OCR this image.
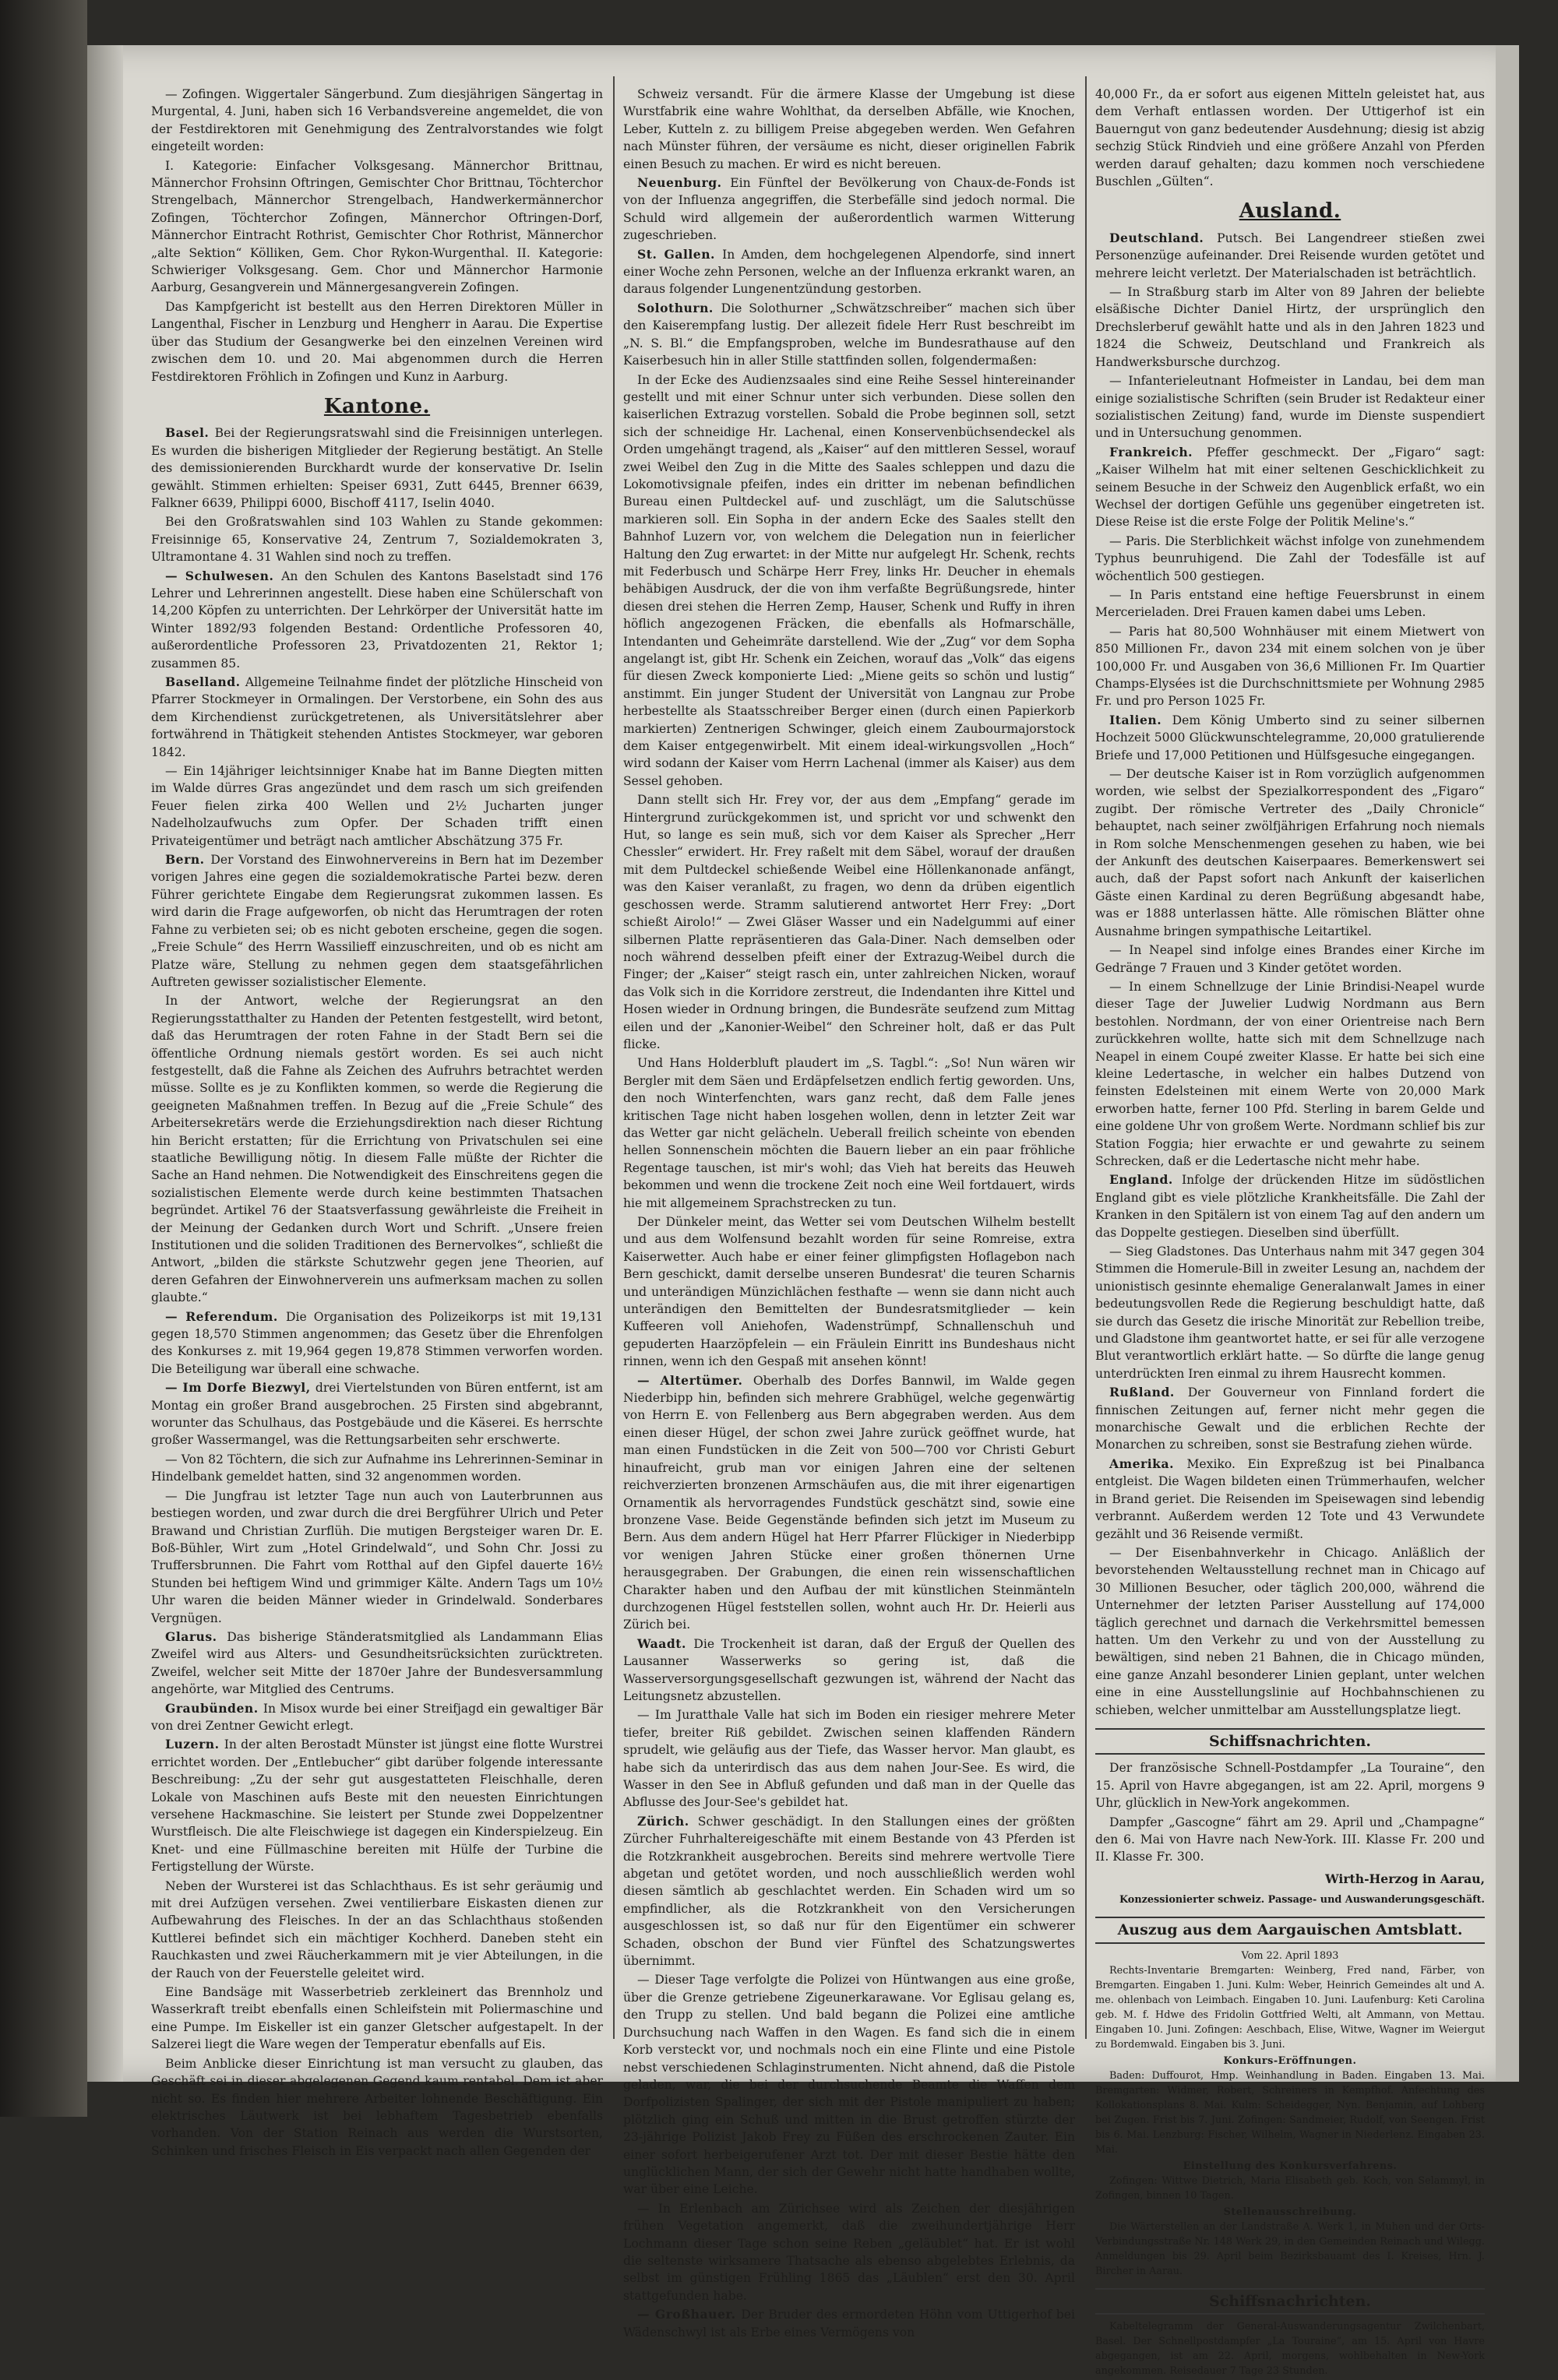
— Zofingen. Wiggertaler Sängerbund. Zum diesjährigen Sängertag in Murgental, 4. Juni, haben sich 16 Verbandsvereine angemeldet, die von der Festdirektoren mit Genehmigung des Zentralvorstandes wie folgt eingeteilt worden:

I. Kategorie: Einfacher Volksgesang. Männerchor Brittnau, Männerchor Frohsinn Oftringen, Gemischter Chor Brittnau, Töchterchor Strengelbach, Männerchor Strengelbach, Handwerkermännerchor Zofingen, Töchterchor Zofingen, Männerchor Oftringen-Dorf, Männerchor Eintracht Rothrist, Gemischter Chor Rothrist, Männerchor „alte Sektion“ Kölliken, Gem. Chor Rykon-Wurgenthal. II. Kategorie: Schwieriger Volksgesang. Gem. Chor und Männerchor Harmonie Aarburg, Gesangverein und Männergesangverein Zofingen.

Das Kampfgericht ist bestellt aus den Herren Direktoren Müller in Langenthal, Fischer in Lenzburg und Hengherr in Aarau. Die Expertise über das Studium der Gesangwerke bei den einzelnen Vereinen wird zwischen dem 10. und 20. Mai abgenommen durch die Herren Festdirektoren Fröhlich in Zofingen und Kunz in Aarburg.

Kantone.

Basel. Bei der Regierungsratswahl sind die Freisinnigen unterlegen. Es wurden die bisherigen Mitglieder der Regierung bestätigt. An Stelle des demissionierenden Burckhardt wurde der konservative Dr. Iselin gewählt. Stimmen erhielten: Speiser 6931, Zutt 6445, Brenner 6639, Falkner 6639, Philippi 6000, Bischoff 4117, Iselin 4040.

Bei den Großratswahlen sind 103 Wahlen zu Stande gekommen: Freisinnige 65, Konservative 24, Zentrum 7, Sozialdemokraten 3, Ultramontane 4. 31 Wahlen sind noch zu treffen.

— Schulwesen. An den Schulen des Kantons Baselstadt sind 176 Lehrer und Lehrerinnen angestellt. Diese haben eine Schülerschaft von 14,200 Köpfen zu unterrichten. Der Lehrkörper der Universität hatte im Winter 1892/93 folgenden Bestand: Ordentliche Professoren 40, außerordentliche Professoren 23, Privatdozenten 21, Rektor 1; zusammen 85.

Baselland. Allgemeine Teilnahme findet der plötzliche Hinscheid von Pfarrer Stockmeyer in Ormalingen. Der Verstorbene, ein Sohn des aus dem Kirchendienst zurückgetretenen, als Universitätslehrer aber fortwährend in Thätigkeit stehenden Antistes Stockmeyer, war geboren 1842.

— Ein 14jähriger leichtsinniger Knabe hat im Banne Diegten mitten im Walde dürres Gras angezündet und dem rasch um sich greifenden Feuer fielen zirka 400 Wellen und 2½ Jucharten junger Nadelholzaufwuchs zum Opfer. Der Schaden trifft einen Privateigentümer und beträgt nach amtlicher Abschätzung 375 Fr.

Bern. Der Vorstand des Einwohnervereins in Bern hat im Dezember vorigen Jahres eine gegen die sozialdemokratische Partei bezw. deren Führer gerichtete Eingabe dem Regierungsrat zukommen lassen. Es wird darin die Frage aufgeworfen, ob nicht das Herumtragen der roten Fahne zu verbieten sei; ob es nicht geboten erscheine, gegen die sogen. „Freie Schule“ des Herrn Wassilieff einzuschreiten, und ob es nicht am Platze wäre, Stellung zu nehmen gegen dem staatsgefährlichen Auftreten gewisser sozialistischer Elemente.

In der Antwort, welche der Regierungsrat an den Regierungsstatthalter zu Handen der Petenten festgestellt, wird betont, daß das Herumtragen der roten Fahne in der Stadt Bern sei die öffentliche Ordnung niemals gestört worden. Es sei auch nicht festgestellt, daß die Fahne als Zeichen des Aufruhrs betrachtet werden müsse. Sollte es je zu Konflikten kommen, so werde die Regierung die geeigneten Maßnahmen treffen. In Bezug auf die „Freie Schule“ des Arbeitersekretärs werde die Erziehungsdirektion nach dieser Richtung hin Bericht erstatten; für die Errichtung von Privatschulen sei eine staatliche Bewilligung nötig. In diesem Falle müßte der Richter die Sache an Hand nehmen. Die Notwendigkeit des Einschreitens gegen die sozialistischen Elemente werde durch keine bestimmten Thatsachen begründet. Artikel 76 der Staatsverfassung gewährleiste die Freiheit in der Meinung der Gedanken durch Wort und Schrift. „Unsere freien Institutionen und die soliden Traditionen des Bernervolkes“, schließt die Antwort, „bilden die stärkste Schutzwehr gegen jene Theorien, auf deren Gefahren der Einwohnerverein uns aufmerksam machen zu sollen glaubte.“

— Referendum. Die Organisation des Polizeikorps ist mit 19,131 gegen 18,570 Stimmen angenommen; das Gesetz über die Ehrenfolgen des Konkurses z. mit 19,964 gegen 19,878 Stimmen verworfen worden. Die Beteiligung war überall eine schwache.

— Im Dorfe Biezwyl, drei Viertelstunden von Büren entfernt, ist am Montag ein großer Brand ausgebrochen. 25 Firsten sind abgebrannt, worunter das Schulhaus, das Postgebäude und die Käserei. Es herrschte großer Wassermangel, was die Rettungsarbeiten sehr erschwerte.

— Von 82 Töchtern, die sich zur Aufnahme ins Lehrerinnen-Seminar in Hindelbank gemeldet hatten, sind 32 angenommen worden.

— Die Jungfrau ist letzter Tage nun auch von Lauterbrunnen aus bestiegen worden, und zwar durch die drei Bergführer Ulrich und Peter Brawand und Christian Zurflüh. Die mutigen Bergsteiger waren Dr. E. Boß-Bühler, Wirt zum „Hotel Grindelwald“, und Sohn Chr. Jossi zu Truffersbrunnen. Die Fahrt vom Rotthal auf den Gipfel dauerte 16½ Stunden bei heftigem Wind und grimmiger Kälte. Andern Tags um 10½ Uhr waren die beiden Männer wieder in Grindelwald. Sonderbares Vergnügen.

Glarus. Das bisherige Ständeratsmitglied als Landammann Elias Zweifel wird aus Alters- und Gesundheitsrücksichten zurücktreten. Zweifel, welcher seit Mitte der 1870er Jahre der Bundesversammlung angehörte, war Mitglied des Centrums.

Graubünden. In Misox wurde bei einer Streifjagd ein gewaltiger Bär von drei Zentner Gewicht erlegt.

Luzern. In der alten Berostadt Münster ist jüngst eine flotte Wurstrei errichtet worden. Der „Entlebucher“ gibt darüber folgende interessante Beschreibung: „Zu der sehr gut ausgestatteten Fleischhalle, deren Lokale von Maschinen aufs Beste mit den neuesten Einrichtungen versehene Hackmaschine. Sie leistert per Stunde zwei Doppelzentner Wurstfleisch. Die alte Fleischwiege ist dagegen ein Kinderspielzeug. Ein Knet- und eine Füllmaschine bereiten mit Hülfe der Turbine die Fertigstellung der Würste.

Neben der Wursterei ist das Schlachthaus. Es ist sehr geräumig und mit drei Aufzügen versehen. Zwei ventilierbare Eiskasten dienen zur Aufbewahrung des Fleisches. In der an das Schlachthaus stoßenden Kuttlerei befindet sich ein mächtiger Kochherd. Daneben steht ein Rauchkasten und zwei Räucherkammern mit je vier Abteilungen, in die der Rauch von der Feuerstelle geleitet wird.

Eine Bandsäge mit Wasserbetrieb zerkleinert das Brennholz und Wasserkraft treibt ebenfalls einen Schleifstein mit Poliermaschine und eine Pumpe. Im Eiskeller ist ein ganzer Gletscher aufgestapelt. In der Salzerei liegt die Ware wegen der Temperatur ebenfalls auf Eis.

Beim Anblicke dieser Einrichtung ist man versucht zu glauben, das Geschäft sei in dieser abgelegenen Gegend kaum rentabel. Dem ist aber nicht so. Es finden hier mehrere Arbeiter lohnende Beschäftigung. Ein elektrisches Läutwerk ist bei lebhaftem Tagesbetrieb ebenfalls vorhanden. Von der Station Reinach aus werden die Wurstsorten, Schinken und frisches Fleisch in Eis verpackt nach allen Gegenden der

Schweiz versandt. Für die ärmere Klasse der Umgebung ist diese Wurstfabrik eine wahre Wohlthat, da derselben Abfälle, wie Knochen, Leber, Kutteln z. zu billigem Preise abgegeben werden. Wen Gefahren nach Münster führen, der versäume es nicht, dieser originellen Fabrik einen Besuch zu machen. Er wird es nicht bereuen.

Neuenburg. Ein Fünftel der Bevölkerung von Chaux-de-Fonds ist von der Influenza angegriffen, die Sterbefälle sind jedoch normal. Die Schuld wird allgemein der außerordentlich warmen Witterung zugeschrieben.

St. Gallen. In Amden, dem hochgelegenen Alpendorfe, sind innert einer Woche zehn Personen, welche an der Influenza erkrankt waren, an daraus folgender Lungenentzündung gestorben.

Solothurn. Die Solothurner „Schwätzschreiber“ machen sich über den Kaiserempfang lustig. Der allezeit fidele Herr Rust beschreibt im „N. S. Bl.“ die Empfangsproben, welche im Bundesrathause auf den Kaiserbesuch hin in aller Stille stattfinden sollen, folgendermaßen:

In der Ecke des Audienzsaales sind eine Reihe Sessel hintereinander gestellt und mit einer Schnur unter sich verbunden. Diese sollen den kaiserlichen Extrazug vorstellen. Sobald die Probe beginnen soll, setzt sich der schneidige Hr. Lachenal, einen Konservenbüchsendeckel als Orden umgehängt tragend, als „Kaiser“ auf den mittleren Sessel, worauf zwei Weibel den Zug in die Mitte des Saales schleppen und dazu die Lokomotivsignale pfeifen, indes ein dritter im nebenan befindlichen Bureau einen Pultdeckel auf- und zuschlägt, um die Salutschüsse markieren soll. Ein Sopha in der andern Ecke des Saales stellt den Bahnhof Luzern vor, von welchem die Delegation nun in feierlicher Haltung den Zug erwartet: in der Mitte nur aufgelegt Hr. Schenk, rechts mit Federbusch und Schärpe Herr Frey, links Hr. Deucher in ehemals behäbigen Ausdruck, der die von ihm verfaßte Begrüßungsrede, hinter diesen drei stehen die Herren Zemp, Hauser, Schenk und Ruffy in ihren höflich angezogenen Fräcken, die ebenfalls als Hofmarschälle, Intendanten und Geheimräte darstellend. Wie der „Zug“ vor dem Sopha angelangt ist, gibt Hr. Schenk ein Zeichen, worauf das „Volk“ das eigens für diesen Zweck komponierte Lied: „Miene geits so schön und lustig“ anstimmt. Ein junger Student der Universität von Langnau zur Probe herbestellte als Staatsschreiber Berger einen (durch einen Papierkorb markierten) Zentnerigen Schwinger, gleich einem Zaubourmajorstock dem Kaiser entgegenwirbelt. Mit einem ideal-wirkungsvollen „Hoch“ wird sodann der Kaiser vom Herrn Lachenal (immer als Kaiser) aus dem Sessel gehoben.

Dann stellt sich Hr. Frey vor, der aus dem „Empfang“ gerade im Hintergrund zurückgekommen ist, und spricht vor und schwenkt den Hut, so lange es sein muß, sich vor dem Kaiser als Sprecher „Herr Chessler“ erwidert. Hr. Frey raßelt mit dem Säbel, worauf der draußen mit dem Pultdeckel schießende Weibel eine Höllenkanonade anfängt, was den Kaiser veranlaßt, zu fragen, wo denn da drüben eigentlich geschossen werde. Stramm salutierend antwortet Herr Frey: „Dort schießt Airolo!“ — Zwei Gläser Wasser und ein Nadelgummi auf einer silbernen Platte repräsentieren das Gala-Diner. Nach demselben oder noch während desselben pfeift einer der Extrazug-Weibel durch die Finger; der „Kaiser“ steigt rasch ein, unter zahlreichen Nicken, worauf das Volk sich in die Korridore zerstreut, die Indendanten ihre Kittel und Hosen wieder in Ordnung bringen, die Bundesräte seufzend zum Mittag eilen und der „Kanonier-Weibel“ den Schreiner holt, daß er das Pult flicke.

Und Hans Holderbluft plaudert im „S. Tagbl.“: „So! Nun wären wir Bergler mit dem Säen und Erdäpfelsetzen endlich fertig geworden. Uns, den noch Winterfenchten, wars ganz recht, daß dem Falle jenes kritischen Tage nicht haben losgehen wollen, denn in letzter Zeit war das Wetter gar nicht gelächeln. Ueberall freilich scheinte von ebenden hellen Sonnenschein möchten die Bauern lieber an ein paar fröhliche Regentage tauschen, ist mir's wohl; das Vieh hat bereits das Heuweh bekommen und wenn die trockene Zeit noch eine Weil fortdauert, wirds hie mit allgemeinem Sprachstrecken zu tun.

Der Dünkeler meint, das Wetter sei vom Deutschen Wilhelm bestellt und aus dem Wolfensund bezahlt worden für seine Romreise, extra Kaiserwetter. Auch habe er einer feiner glimpfigsten Hoflagebon nach Bern geschickt, damit derselbe unseren Bundesrat' die teuren Scharnis und unterändigen Münzichlächen festhafte — wenn sie dann nicht auch unterändigen den Bemittelten der Bundesratsmitglieder — kein Kuffeeren voll Aniehofen, Wadenstrümpf, Schnallenschuh und gepuderten Haarzöpfelein — ein Fräulein Einritt ins Bundeshaus nicht rinnen, wenn ich den Gespaß mit ansehen könnt!

— Altertümer. Oberhalb des Dorfes Bannwil, im Walde gegen Niederbipp hin, befinden sich mehrere Grabhügel, welche gegenwärtig von Herrn E. von Fellenberg aus Bern abgegraben werden. Aus dem einen dieser Hügel, der schon zwei Jahre zurück geöffnet wurde, hat man einen Fundstücken in die Zeit von 500—700 vor Christi Geburt hinaufreicht, grub man vor einigen Jahren eine der seltenen reichverzierten bronzenen Armschäufen aus, die mit ihrer eigenartigen Ornamentik als hervorragendes Fundstück geschätzt sind, sowie eine bronzene Vase. Beide Gegenstände befinden sich jetzt im Museum zu Bern. Aus dem andern Hügel hat Herr Pfarrer Flückiger in Niederbipp vor wenigen Jahren Stücke einer großen thönernen Urne herausgegraben. Der Grabungen, die einen rein wissenschaftlichen Charakter haben und den Aufbau der mit künstlichen Steinmänteln durchzogenen Hügel feststellen sollen, wohnt auch Hr. Dr. Heierli aus Zürich bei.

Waadt. Die Trockenheit ist daran, daß der Erguß der Quellen des Lausanner Wasserwerks so gering ist, daß die Wasserversorgungsgesellschaft gezwungen ist, während der Nacht das Leitungsnetz abzustellen.

— Im Juratthale Valle hat sich im Boden ein riesiger mehrere Meter tiefer, breiter Riß gebildet. Zwischen seinen klaffenden Rändern sprudelt, wie geläufig aus der Tiefe, das Wasser hervor. Man glaubt, es habe sich da unterirdisch das aus dem nahen Jour-See. Es wird, die Wasser in den See in Abfluß gefunden und daß man in der Quelle das Abflusse des Jour-See's gebildet hat.

Zürich. Schwer geschädigt. In den Stallungen eines der größten Zürcher Fuhrhaltereigeschäfte mit einem Bestande von 43 Pferden ist die Rotzkrankheit ausgebrochen. Bereits sind mehrere wertvolle Tiere abgetan und getötet worden, und noch ausschließlich werden wohl diesen sämtlich ab geschlachtet werden. Ein Schaden wird um so empfindlicher, als die Rotzkrankheit von den Versicherungen ausgeschlossen ist, so daß nur für den Eigentümer ein schwerer Schaden, obschon der Bund vier Fünftel des Schatzungswertes übernimmt.

— Dieser Tage verfolgte die Polizei von Hüntwangen aus eine große, über die Grenze getriebene Zigeunerkarawane. Vor Eglisau gelang es, den Trupp zu stellen. Und bald begann die Polizei eine amtliche Durchsuchung nach Waffen in den Wagen. Es fand sich die in einem Korb versteckt vor, und nochmals noch ein eine Flinte und eine Pistole nebst verschiedenen Schlaginstrumenten. Nicht ahnend, daß die Pistole geladen, war, die bei der durchsuchende Beamte die Waffen dem Dorfpolizisten Spalinger, der sich mit der Pistole manipuliert zu haben; plötzlich ging ein Schuß und mitten in die Brust getroffen stürzte der 23-jährige Polizist Jakob Frey zu Füßen des erschrockenen Zauter. Ein einer sofort herbeigerufener Arzt tot. Der mit dieser Bestie hätte den unglücklichen Mann, der sich der Gewehr nicht hatte handhaben wollte, war über eine Leiche.

— In Erlenbach am Zürichsee wird als Zeichen der diesjährigen frühen Vegetation angemerkt, daß die zweihundertjährige Herr Lochmann dieser Tage schon seine Reben „geläublet“ hat. Er ist wohl die seltenste wirksamere Thatsache als ebenso abgelebtes Erlebnis, da selbst im günstigen Frühling 1865 das „Läublen“ erst den 30. April stattgefunden habe.

— Großhauer. Der Bruder des ermordeten Höhn vom Uttigerhof bei Wädenschwyl ist als Erbe eines Vermögens von

40,000 Fr., da er sofort aus eigenen Mitteln geleistet hat, aus dem Verhaft entlassen worden. Der Uttigerhof ist ein Bauerngut von ganz bedeutender Ausdehnung; diesig ist abzig sechzig Stück Rindvieh und eine größere Anzahl von Pferden werden darauf gehalten; dazu kommen noch verschiedene Buschlen „Gülten“.

Ausland.

Deutschland. Putsch. Bei Langendreer stießen zwei Personenzüge aufeinander. Drei Reisende wurden getötet und mehrere leicht verletzt. Der Materialschaden ist beträchtlich.

— In Straßburg starb im Alter von 89 Jahren der beliebte elsäßische Dichter Daniel Hirtz, der ursprünglich den Drechslerberuf gewählt hatte und als in den Jahren 1823 und 1824 die Schweiz, Deutschland und Frankreich als Handwerksbursche durchzog.

— Infanterieleutnant Hofmeister in Landau, bei dem man einige sozialistische Schriften (sein Bruder ist Redakteur einer sozialistischen Zeitung) fand, wurde im Dienste suspendiert und in Untersuchung genommen.

Frankreich. Pfeffer geschmeckt. Der „Figaro“ sagt: „Kaiser Wilhelm hat mit einer seltenen Geschicklichkeit zu seinem Besuche in der Schweiz den Augenblick erfaßt, wo ein Wechsel der dortigen Gefühle uns gegenüber eingetreten ist. Diese Reise ist die erste Folge der Politik Meline's.“

— Paris. Die Sterblichkeit wächst infolge von zunehmendem Typhus beunruhigend. Die Zahl der Todesfälle ist auf wöchentlich 500 gestiegen.

— In Paris entstand eine heftige Feuersbrunst in einem Mercerieladen. Drei Frauen kamen dabei ums Leben.

— Paris hat 80,500 Wohnhäuser mit einem Mietwert von 850 Millionen Fr., davon 234 mit einem solchen von je über 100,000 Fr. und Ausgaben von 36,6 Millionen Fr. Im Quartier Champs-Elysées ist die Durchschnittsmiete per Wohnung 2985 Fr. und pro Person 1025 Fr.

Italien. Dem König Umberto sind zu seiner silbernen Hochzeit 5000 Glückwunschtelegramme, 20,000 gratulierende Briefe und 17,000 Petitionen und Hülfsgesuche eingegangen.

— Der deutsche Kaiser ist in Rom vorzüglich aufgenommen worden, wie selbst der Spezialkorrespondent des „Figaro“ zugibt. Der römische Vertreter des „Daily Chronicle“ behauptet, nach seiner zwölfjährigen Erfahrung noch niemals in Rom solche Menschenmengen gesehen zu haben, wie bei der Ankunft des deutschen Kaiserpaares. Bemerkenswert sei auch, daß der Papst sofort nach Ankunft der kaiserlichen Gäste einen Kardinal zu deren Begrüßung abgesandt habe, was er 1888 unterlassen hätte. Alle römischen Blätter ohne Ausnahme bringen sympathische Leitartikel.

— In Neapel sind infolge eines Brandes einer Kirche im Gedränge 7 Frauen und 3 Kinder getötet worden.

— In einem Schnellzuge der Linie Brindisi-Neapel wurde dieser Tage der Juwelier Ludwig Nordmann aus Bern bestohlen. Nordmann, der von einer Orientreise nach Bern zurückkehren wollte, hatte sich mit dem Schnellzuge nach Neapel in einem Coupé zweiter Klasse. Er hatte bei sich eine kleine Ledertasche, in welcher ein halbes Dutzend von feinsten Edelsteinen mit einem Werte von 20,000 Mark erworben hatte, ferner 100 Pfd. Sterling in barem Gelde und eine goldene Uhr von großem Werte. Nordmann schlief bis zur Station Foggia; hier erwachte er und gewahrte zu seinem Schrecken, daß er die Ledertasche nicht mehr habe.

England. Infolge der drückenden Hitze im südöstlichen England gibt es viele plötzliche Krankheitsfälle. Die Zahl der Kranken in den Spitälern ist von einem Tag auf den andern um das Doppelte gestiegen. Dieselben sind überfüllt.

— Sieg Gladstones. Das Unterhaus nahm mit 347 gegen 304 Stimmen die Homerule-Bill in zweiter Lesung an, nachdem der unionistisch gesinnte ehemalige Generalanwalt James in einer bedeutungsvollen Rede die Regierung beschuldigt hatte, daß sie durch das Gesetz die irische Minorität zur Rebellion treibe, und Gladstone ihm geantwortet hatte, er sei für alle verzogene Blut verantwortlich erklärt hatte. — So dürfte die lange genug unterdrückten Iren einmal zu ihrem Hausrecht kommen.

Rußland. Der Gouverneur von Finnland fordert die finnischen Zeitungen auf, ferner nicht mehr gegen die monarchische Gewalt und die erblichen Rechte der Monarchen zu schreiben, sonst sie Bestrafung ziehen würde.

Amerika. Mexiko. Ein Expreßzug ist bei Pinalbanca entgleist. Die Wagen bildeten einen Trümmerhaufen, welcher in Brand geriet. Die Reisenden im Speisewagen sind lebendig verbrannt. Außerdem werden 12 Tote und 43 Verwundete gezählt und 36 Reisende vermißt.

— Der Eisenbahnverkehr in Chicago. Anläßlich der bevorstehenden Weltausstellung rechnet man in Chicago auf 30 Millionen Besucher, oder täglich 200,000, während die Unternehmer der letzten Pariser Ausstellung auf 174,000 täglich gerechnet und darnach die Verkehrsmittel bemessen hatten. Um den Verkehr zu und von der Ausstellung zu bewältigen, sind neben 21 Bahnen, die in Chicago münden, eine ganze Anzahl besonderer Linien geplant, unter welchen eine in eine Ausstellungslinie auf Hochbahnschienen zu schieben, welcher unmittelbar am Ausstellungsplatze liegt.

Schiffsnachrichten.

Der französische Schnell-Postdampfer „La Touraine“, den 15. April von Havre abgegangen, ist am 22. April, morgens 9 Uhr, glücklich in New-York angekommen.

Dampfer „Gascogne“ fährt am 29. April und „Champagne“ den 6. Mai von Havre nach New-York. III. Klasse Fr. 200 und II. Klasse Fr. 300.

Wirth-Herzog in Aarau,
Konzessionierter schweiz. Passage- und Auswanderungsgeschäft.
Auszug aus dem Aargauischen Amtsblatt.
Vom 22. April 1893

Rechts-Inventarie Bremgarten: Weinberg, Fred nand, Färber, von Bremgarten. Eingaben 1. Juni. Kulm: Weber, Heinrich Gemeindes alt und A. me. ohlenbach von Leimbach. Eingaben 10. Juni. Laufenburg: Keti Carolina geb. M. f. Hdwe des Fridolin Gottfried Welti, alt Ammann, von Mettau. Eingaben 10. Juni. Zofingen: Aeschbach, Elise, Witwe, Wagner im Weiergut zu Bordemwald. Eingaben bis 3. Juni.

Konkurs-Eröffnungen.

Baden: Duffourot, Hmp. Weinhandlung in Baden. Eingaben 13. Mai. Bremgarten: Widmer, Robert, Schreiners in Kempfhof. Anfechtung des Kollokationsplans 8. Mai. Kulm: Scheidegger, Nyn. Benjamin, auf Lohberg bei Zugen. Frist bis 7. Juni. Zofingen: Sandmeier, Rudolf, von Seengen. Frist bis 6. Mai. Lenzburg: Fischer, Wilhelm, Wagner in Niederlenz. Eingaben 23. Mai.

Einstellung des Konkursverfahrens.

Zofingen: Wittwe Dietrich, Maria Elisabeth geb. Koch, von Selammyl, in Zofingen, binnen 10 Tagen.

Stellenausschreibung.

Die Wärterstellen an der Landstraße A. Werk 1, in Muhen und der Orts-Verbindungsstraße Nr. 148 Werk 29, in den Gemeinden Reinach und Wilegg. Anmeldungen bis 29. April beim Bezirksbauamt des I. Kreises, Hrn. J. Bircher in Aarau.

Schiffsnachrichten.

Kabeltelegramm der General-Auswanderungsagentur Zwilchenbart, Basel. Der Schnellpostdampfer „La Touraine“, am 15. April von Havre abgegangen, ist am 22. April, morgens, wohlbehalten in New-York angekommen. Reisedauer 7 Tage 23 Stunden.
